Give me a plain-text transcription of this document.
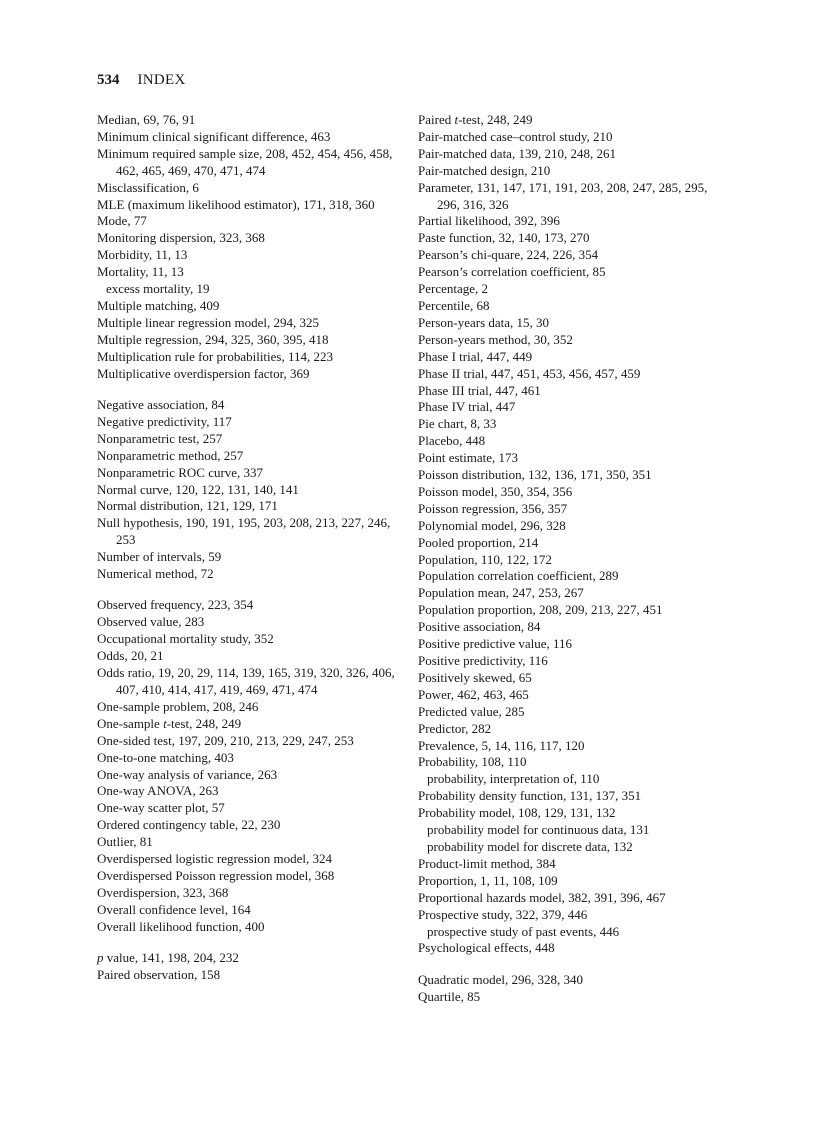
534 INDEX
Median, 69, 76, 91
Minimum clinical significant difference, 463
Minimum required sample size, 208, 452, 454, 456, 458, 462, 465, 469, 470, 471, 474
Misclassification, 6
MLE (maximum likelihood estimator), 171, 318, 360
Mode, 77
Monitoring dispersion, 323, 368
Morbidity, 11, 13
Mortality, 11, 13
excess mortality, 19
Multiple matching, 409
Multiple linear regression model, 294, 325
Multiple regression, 294, 325, 360, 395, 418
Multiplication rule for probabilities, 114, 223
Multiplicative overdispersion factor, 369
Negative association, 84
Negative predictivity, 117
Nonparametric test, 257
Nonparametric method, 257
Nonparametric ROC curve, 337
Normal curve, 120, 122, 131, 140, 141
Normal distribution, 121, 129, 171
Null hypothesis, 190, 191, 195, 203, 208, 213, 227, 246, 253
Number of intervals, 59
Numerical method, 72
Observed frequency, 223, 354
Observed value, 283
Occupational mortality study, 352
Odds, 20, 21
Odds ratio, 19, 20, 29, 114, 139, 165, 319, 320, 326, 406, 407, 410, 414, 417, 419, 469, 471, 474
One-sample problem, 208, 246
One-sample t-test, 248, 249
One-sided test, 197, 209, 210, 213, 229, 247, 253
One-to-one matching, 403
One-way analysis of variance, 263
One-way ANOVA, 263
One-way scatter plot, 57
Ordered contingency table, 22, 230
Outlier, 81
Overdispersed logistic regression model, 324
Overdispersed Poisson regression model, 368
Overdispersion, 323, 368
Overall confidence level, 164
Overall likelihood function, 400
p value, 141, 198, 204, 232
Paired observation, 158
Paired t-test, 248, 249
Pair-matched case–control study, 210
Pair-matched data, 139, 210, 248, 261
Pair-matched design, 210
Parameter, 131, 147, 171, 191, 203, 208, 247, 285, 295, 296, 316, 326
Partial likelihood, 392, 396
Paste function, 32, 140, 173, 270
Pearson’s chi-quare, 224, 226, 354
Pearson’s correlation coefficient, 85
Percentage, 2
Percentile, 68
Person-years data, 15, 30
Person-years method, 30, 352
Phase I trial, 447, 449
Phase II trial, 447, 451, 453, 456, 457, 459
Phase III trial, 447, 461
Phase IV trial, 447
Pie chart, 8, 33
Placebo, 448
Point estimate, 173
Poisson distribution, 132, 136, 171, 350, 351
Poisson model, 350, 354, 356
Poisson regression, 356, 357
Polynomial model, 296, 328
Pooled proportion, 214
Population, 110, 122, 172
Population correlation coefficient, 289
Population mean, 247, 253, 267
Population proportion, 208, 209, 213, 227, 451
Positive association, 84
Positive predictive value, 116
Positive predictivity, 116
Positively skewed, 65
Power, 462, 463, 465
Predicted value, 285
Predictor, 282
Prevalence, 5, 14, 116, 117, 120
Probability, 108, 110
probability, interpretation of, 110
Probability density function, 131, 137, 351
Probability model, 108, 129, 131, 132
probability model for continuous data, 131
probability model for discrete data, 132
Product-limit method, 384
Proportion, 1, 11, 108, 109
Proportional hazards model, 382, 391, 396, 467
Prospective study, 322, 379, 446
prospective study of past events, 446
Psychological effects, 448
Quadratic model, 296, 328, 340
Quartile, 85
